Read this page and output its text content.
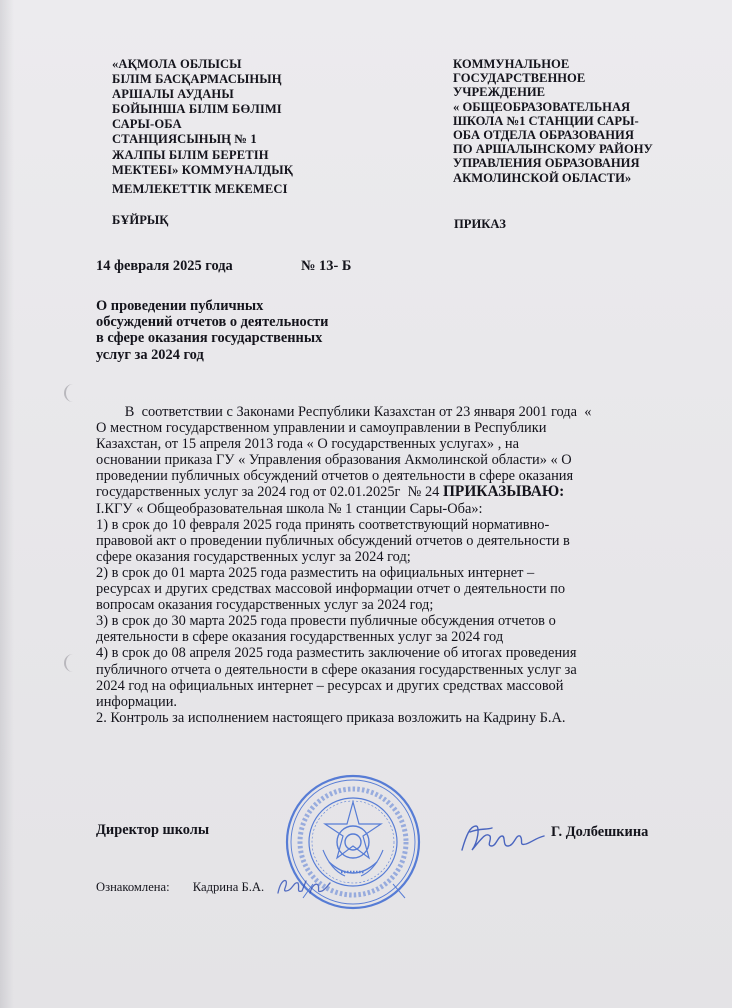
«АҚМОЛА ОБЛЫСЫ
БІЛІМ БАСҚАРМАСЫНЫҢ
АРШАЛЫ АУДАНЫ
БОЙЫНША БІЛІМ БӨЛІМІ
САРЫ-ОБА
СТАНЦИЯСЫНЫҢ № 1
ЖАЛПЫ БІЛІМ БЕРЕТІН
МЕКТЕБІ» КОММУНАЛДЫҚ
МЕМЛЕКЕТТІК МЕКЕМЕСІ
КОММУНАЛЬНОЕ
ГОСУДАРСТВЕННОЕ
УЧРЕЖДЕНИЕ
« ОБЩЕОБРАЗОВАТЕЛЬНАЯ
ШКОЛА №1 СТАНЦИИ САРЫ-
ОБА ОТДЕЛА ОБРАЗОВАНИЯ
ПО АРШАЛЫНСКОМУ РАЙОНУ
УПРАВЛЕНИЯ ОБРАЗОВАНИЯ
АКМОЛИНСКОЙ ОБЛАСТИ»
БҰЙРЫҚ	ПРИКАЗ
14 февраля 2025 года	№ 13- Б
О проведении публичных
обсуждений отчетов о деятельности
в сфере оказания государственных
услуг за 2024 год
В  соответствии с Законами Республики Казахстан от 23 января 2001 года  «
О местном государственном управлении и самоуправлении в Республики
Казахстан, от 15 апреля 2013 года « О государственных услугах» , на
основании приказа ГУ « Управления образования Акмолинской области» « О
проведении публичных обсуждений отчетов о деятельности в сфере оказания
государственных услуг за 2024 год от 02.01.2025г  № 24 ПРИКАЗЫВАЮ:
I.КГУ « Общеобразовательная школа № 1 станции Сары-Оба»:
1) в срок до 10 февраля 2025 года принять соответствующий нормативно-
правовой акт о проведении публичных обсуждений отчетов о деятельности в
сфере оказания государственных услуг за 2024 год;
2) в срок до 01 марта 2025 года разместить на официальных интернет –
ресурсах и других средствах массовой информации отчет о деятельности по
вопросам оказания государственных услуг за 2024 год;
3) в срок до 30 марта 2025 года провести публичные обсуждения отчетов о
деятельности в сфере оказания государственных услуг за 2024 год
4) в срок до 08 апреля 2025 года разместить заключение об итогах проведения
публичного отчета о деятельности в сфере оказания государственных услуг за
2024 год на официальных интернет – ресурсах и других средствах массовой
информации.
2. Контроль за исполнением настоящего приказа возложить на Кадрину Б.А.
Директор школы	Г. Долбешкина
Ознакомлена: Кадрина Б.А.
